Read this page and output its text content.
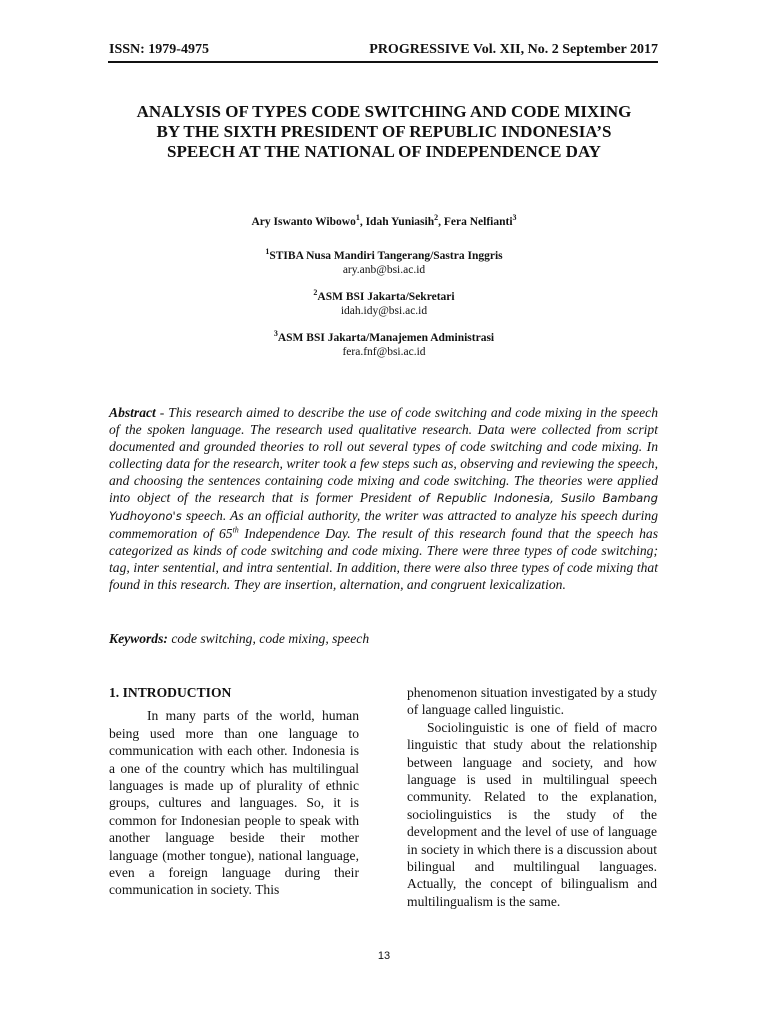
ISSN: 1979-4975	PROGRESSIVE Vol. XII, No. 2 September 2017
ANALYSIS OF TYPES CODE SWITCHING AND CODE MIXING
BY THE SIXTH PRESIDENT OF REPUBLIC INDONESIA’S
SPEECH AT THE NATIONAL OF INDEPENDENCE DAY
Ary Iswanto Wibowo$^1$, Idah Yuniasih$^2$, Fera Nelfianti$^3$
$^1$STIBA Nusa Mandiri Tangerang/Sastra Inggris
ary.anb@bsi.ac.id
$^2$ASM BSI Jakarta/Sekretari
idah.idy@bsi.ac.id
$^3$ASM BSI Jakarta/Manajemen Administrasi
fera.fnf@bsi.ac.id
Abstract - This research aimed to describe the use of code switching and code mixing in the speech of the spoken language. The research used qualitative research. Data were collected from script documented and grounded theories to roll out several types of code switching and code mixing. In collecting data for the research, writer took a few steps such as, observing and reviewing the speech, and choosing the sentences containing code mixing and code switching. The theories were applied into object of the research that is former President of Republic Indonesia, Susilo Bambang Yudhoyono's speech. As an official authority, the writer was attracted to analyze his speech during commemoration of 65th Independence Day. The result of this research found that the speech has categorized as kinds of code switching and code mixing. There were three types of code switching; tag, inter sentential, and intra sentential. In addition, there were also three types of code mixing that found in this research. They are insertion, alternation, and congruent lexicalization.
Keywords: code switching, code mixing, speech
1. INTRODUCTION

In many parts of the world, human being used more than one language to communication with each other. Indonesia is a one of the country which has multilingual languages is made up of plurality of ethnic groups, cultures and languages. So, it is common for Indonesian people to speak with another language beside their mother language (mother tongue), national language, even a foreign language during their communication in society. This

phenomenon situation investigated by a study of language called linguistic.

Sociolinguistic is one of field of macro linguistic that study about the relationship between language and society, and how language is used in multilingual speech community. Related to the explanation, sociolinguistics is the study of the development and the level of use of language in society in which there is a discussion about bilingual and multilingual languages. Actually, the concept of bilingualism and multilingualism is the same.

13
